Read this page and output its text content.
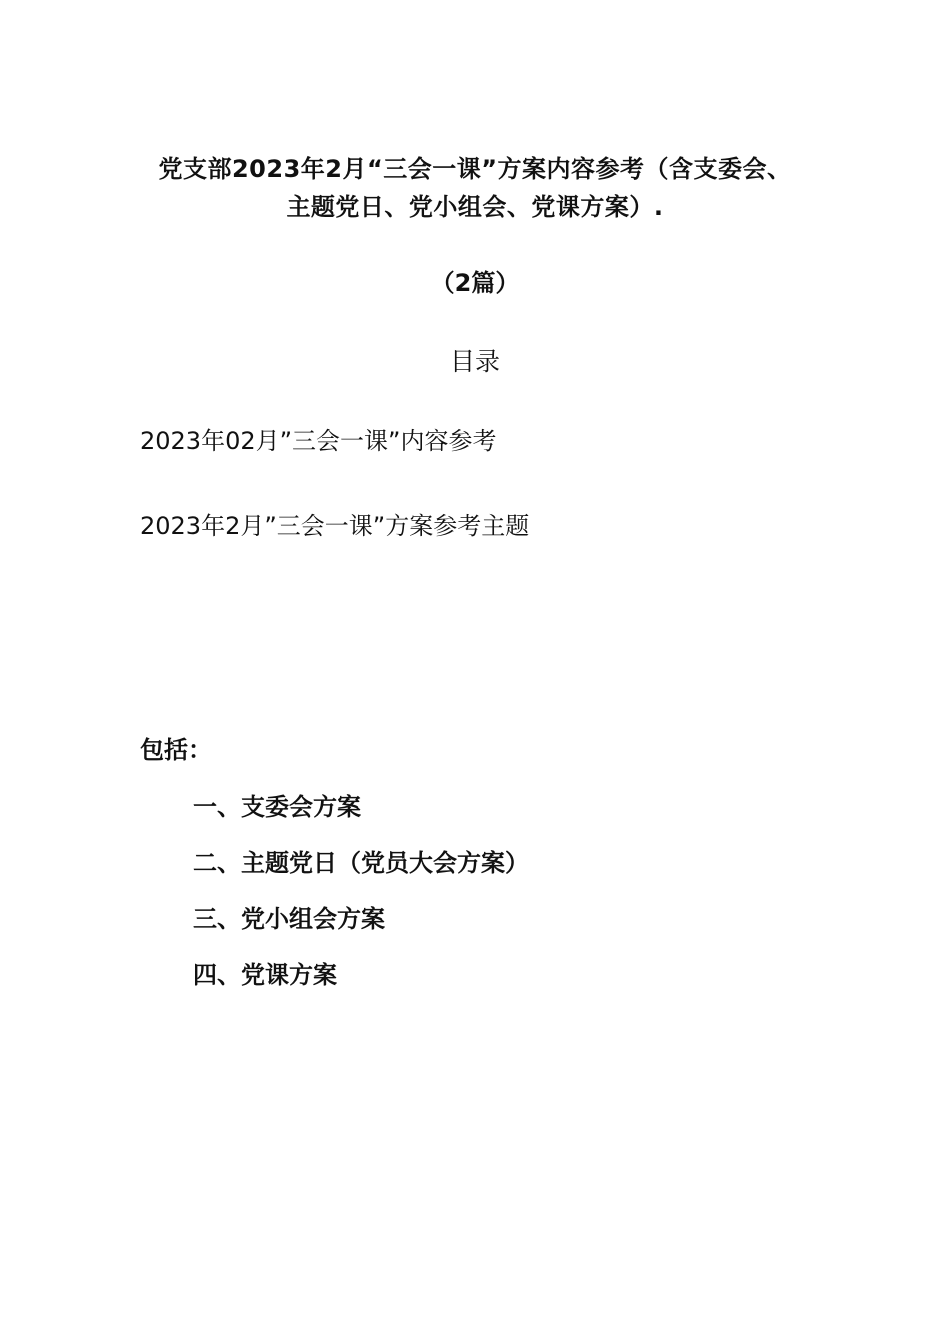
党支部2023年2月“三会一课”方案内容参考（含支委会、
主题党日、党小组会、党课方案）.
（2篇）
目录
2023年02月”三会一课”内容参考
2023年2月”三会一课”方案参考主题
包括：
一、支委会方案
二、主题党日（党员大会方案）
三、党小组会方案
四、党课方案
